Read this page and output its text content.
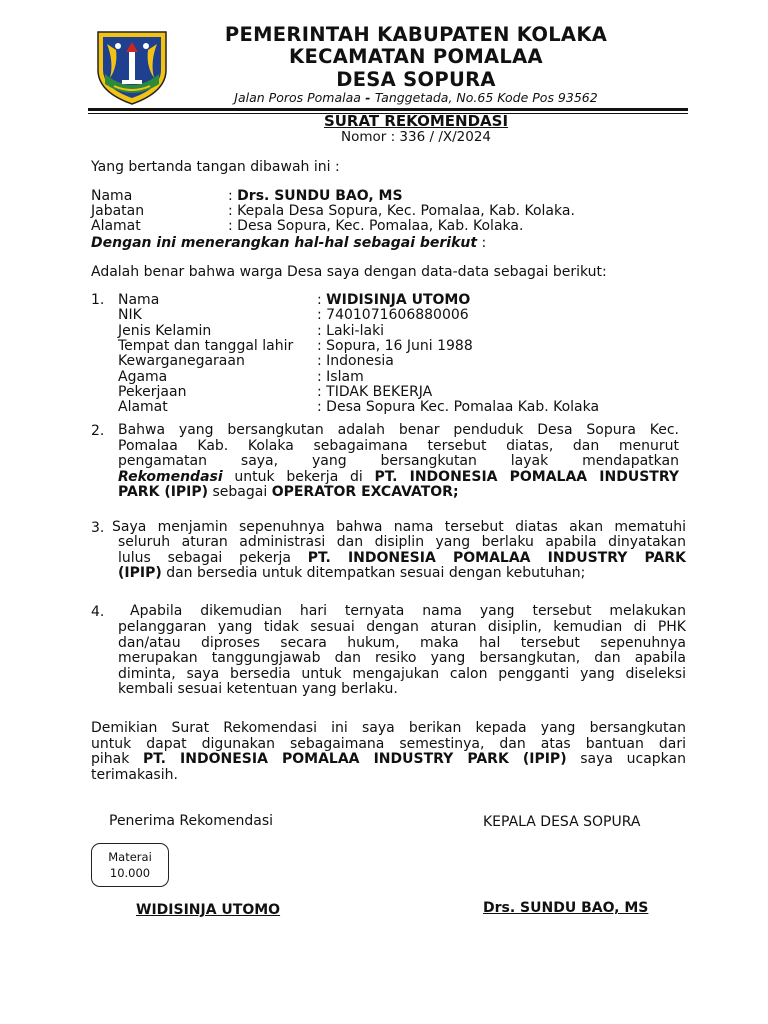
PEMERINTAH KABUPATEN KOLAKA
KECAMATAN POMALAA
DESA SOPURA
Jalan Poros Pomalaa - Tanggetada, No.65 Kode Pos 93562
SURAT REKOMENDASI
Nomor : 336 / /X/2024
Yang bertanda tangan dibawah ini :
Nama	: Drs. SUNDU BAO, MS
Jabatan	: Kepala Desa Sopura, Kec. Pomalaa, Kab. Kolaka.
Alamat	: Desa Sopura, Kec. Pomalaa, Kab. Kolaka.
Dengan ini menerangkan hal-hal sebagai berikut :
Adalah benar bahwa warga Desa saya dengan data-data sebagai berikut:
1. Nama	: WIDISINJA UTOMO
NIK	: 7401071606880006
Jenis Kelamin	: Laki-laki
Tempat dan tanggal lahir : Sopura, 16 Juni 1988
Kewarganegaraan	: Indonesia
Agama	: Islam
Pekerjaan	: TIDAK BEKERJA
Alamat	: Desa Sopura Kec. Pomalaa Kab. Kolaka
2. Bahwa yang bersangkutan adalah benar penduduk Desa Sopura Kec.
Pomalaa Kab. Kolaka sebagaimana tersebut diatas, dan menurut
pengamatan saya, yang bersangkutan layak mendapatkan
Rekomendasi untuk bekerja di PT. INDONESIA POMALAA INDUSTRY
PARK (IPIP) sebagai OPERATOR EXCAVATOR;
3. Saya menjamin sepenuhnya bahwa nama tersebut diatas akan mematuhi
seluruh aturan administrasi dan disiplin yang berlaku apabila dinyatakan
lulus sebagai pekerja PT. INDONESIA POMALAA INDUSTRY PARK
(IPIP) dan bersedia untuk ditempatkan sesuai dengan kebutuhan;
4. Apabila dikemudian hari ternyata nama yang tersebut melakukan
pelanggaran yang tidak sesuai dengan aturan disiplin, kemudian di PHK
dan/atau diproses secara hukum, maka hal tersebut sepenuhnya
merupakan tanggungjawab dan resiko yang bersangkutan, dan apabila
diminta, saya bersedia untuk mengajukan calon pengganti yang diseleksi
kembali sesuai ketentuan yang berlaku.
Demikian Surat Rekomendasi ini saya berikan kepada yang bersangkutan
untuk dapat digunakan sebagaimana semestinya, dan atas bantuan dari
pihak PT. INDONESIA POMALAA INDUSTRY PARK (IPIP) saya ucapkan
terimakasih.
Penerima Rekomendasi	KEPALA DESA SOPURA
Materai
10.000
WIDISINJA UTOMO	Drs. SUNDU BAO, MS
